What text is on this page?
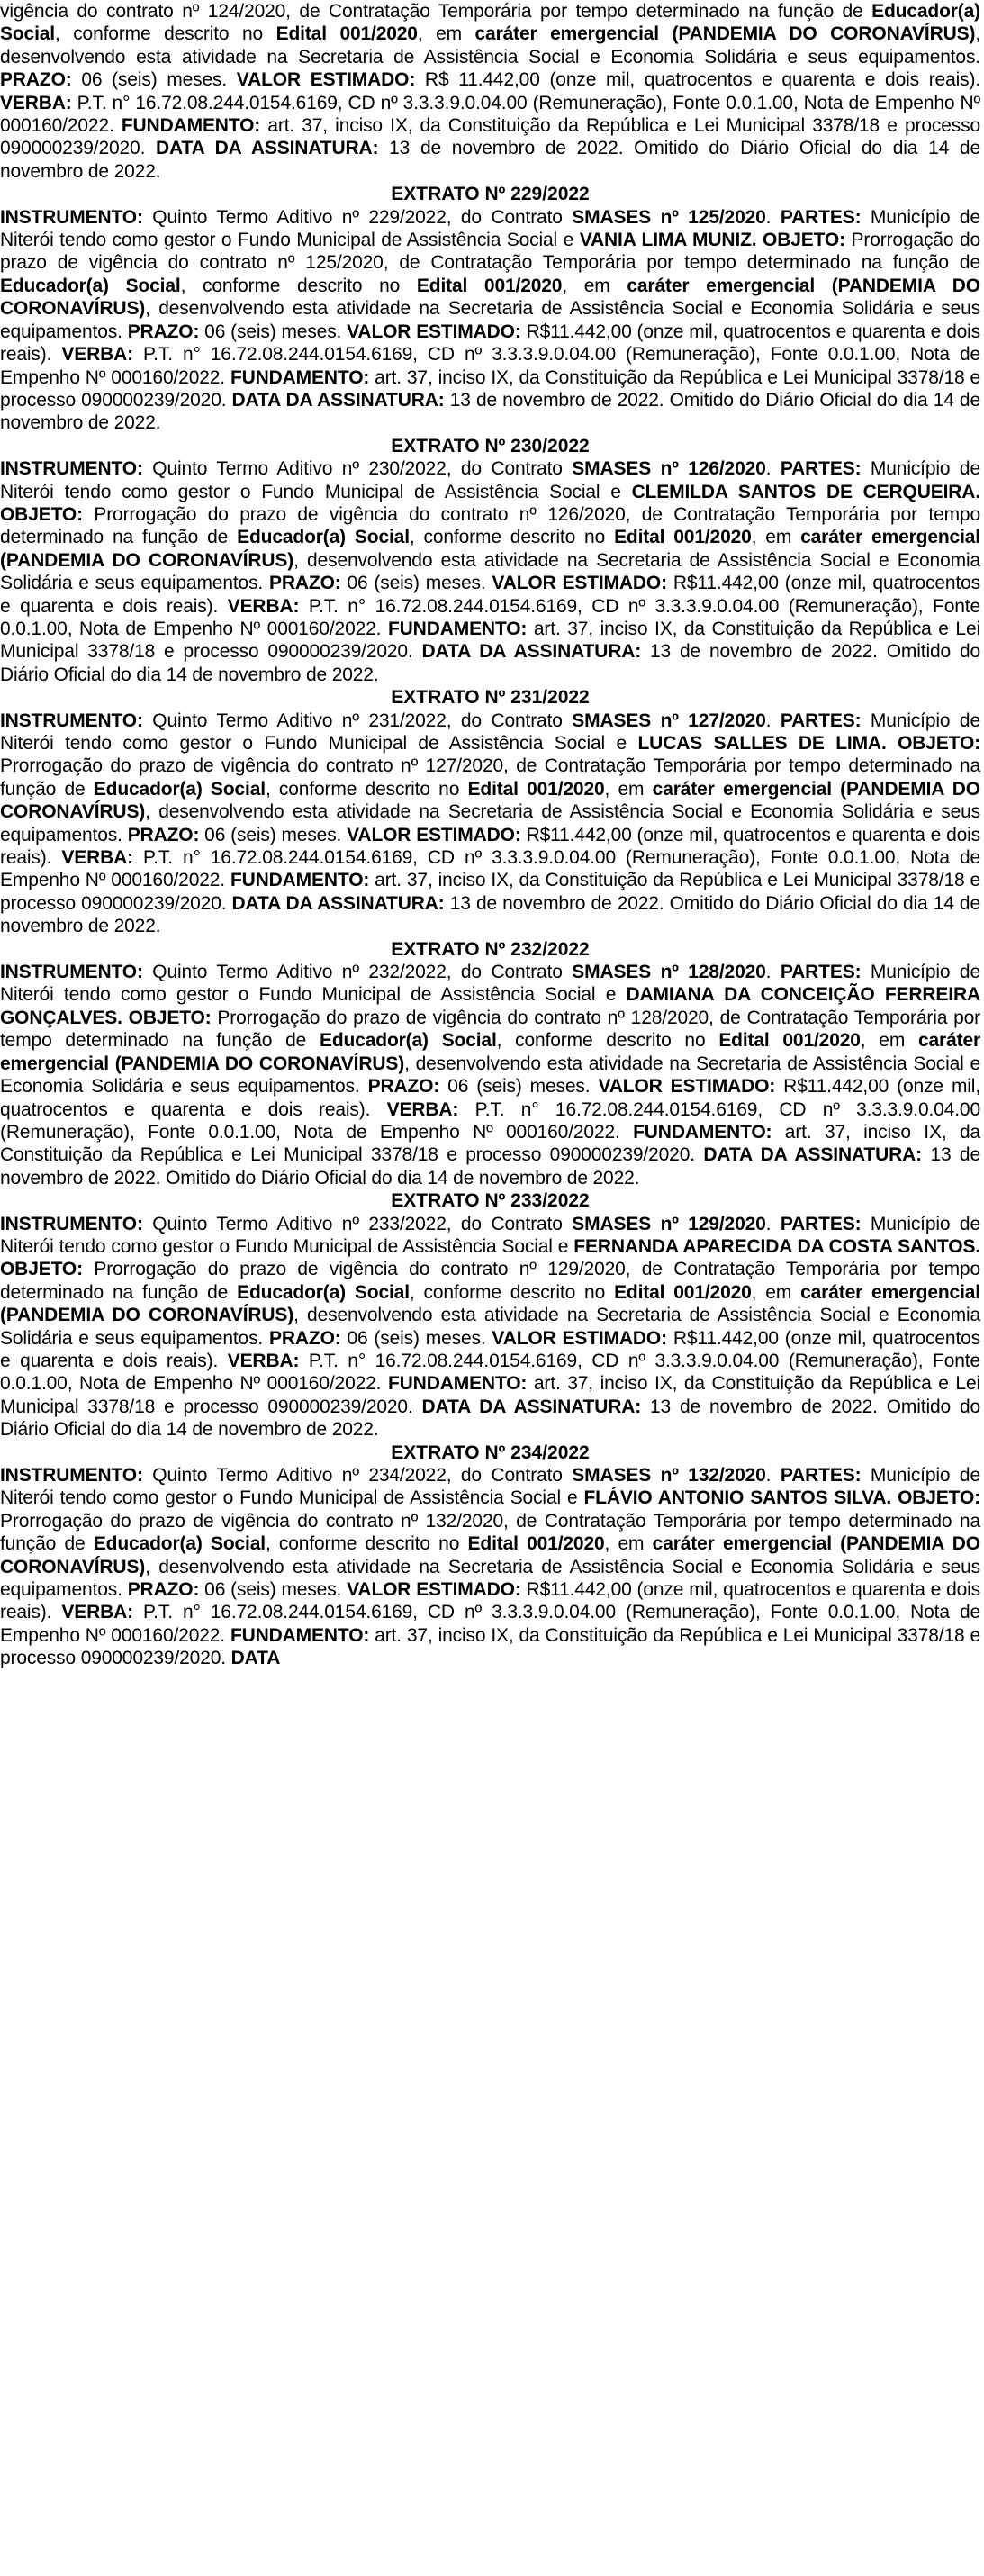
vigência do contrato nº 124/2020, de Contratação Temporária por tempo determinado na função de Educador(a) Social, conforme descrito no Edital 001/2020, em caráter emergencial (PANDEMIA DO CORONAVÍRUS), desenvolvendo esta atividade na Secretaria de Assistência Social e Economia Solidária e seus equipamentos. PRAZO: 06 (seis) meses. VALOR ESTIMADO: R$ 11.442,00 (onze mil, quatrocentos e quarenta e dois reais). VERBA: P.T. n° 16.72.08.244.0154.6169, CD nº 3.3.3.9.0.04.00 (Remuneração), Fonte 0.0.1.00, Nota de Empenho Nº 000160/2022. FUNDAMENTO: art. 37, inciso IX, da Constituição da República e Lei Municipal 3378/18 e processo 090000239/2020. DATA DA ASSINATURA: 13 de novembro de 2022. Omitido do Diário Oficial do dia 14 de novembro de 2022.

EXTRATO Nº 229/2022

INSTRUMENTO: Quinto Termo Aditivo nº 229/2022, do Contrato SMASES nº 125/2020. PARTES: Município de Niterói tendo como gestor o Fundo Municipal de Assistência Social e VANIA LIMA MUNIZ. OBJETO: Prorrogação do prazo de vigência do contrato nº 125/2020, de Contratação Temporária por tempo determinado na função de Educador(a) Social, conforme descrito no Edital 001/2020, em caráter emergencial (PANDEMIA DO CORONAVÍRUS), desenvolvendo esta atividade na Secretaria de Assistência Social e Economia Solidária e seus equipamentos. PRAZO: 06 (seis) meses. VALOR ESTIMADO: R$11.442,00 (onze mil, quatrocentos e quarenta e dois reais). VERBA: P.T. n° 16.72.08.244.0154.6169, CD nº 3.3.3.9.0.04.00 (Remuneração), Fonte 0.0.1.00, Nota de Empenho Nº 000160/2022. FUNDAMENTO: art. 37, inciso IX, da Constituição da República e Lei Municipal 3378/18 e processo 090000239/2020. DATA DA ASSINATURA: 13 de novembro de 2022. Omitido do Diário Oficial do dia 14 de novembro de 2022.

EXTRATO Nº 230/2022

INSTRUMENTO: Quinto Termo Aditivo nº 230/2022, do Contrato SMASES nº 126/2020. PARTES: Município de Niterói tendo como gestor o Fundo Municipal de Assistência Social e CLEMILDA SANTOS DE CERQUEIRA. OBJETO: Prorrogação do prazo de vigência do contrato nº 126/2020, de Contratação Temporária por tempo determinado na função de Educador(a) Social, conforme descrito no Edital 001/2020, em caráter emergencial (PANDEMIA DO CORONAVÍRUS), desenvolvendo esta atividade na Secretaria de Assistência Social e Economia Solidária e seus equipamentos. PRAZO: 06 (seis) meses. VALOR ESTIMADO: R$11.442,00 (onze mil, quatrocentos e quarenta e dois reais). VERBA: P.T. n° 16.72.08.244.0154.6169, CD nº 3.3.3.9.0.04.00 (Remuneração), Fonte 0.0.1.00, Nota de Empenho Nº 000160/2022. FUNDAMENTO: art. 37, inciso IX, da Constituição da República e Lei Municipal 3378/18 e processo 090000239/2020. DATA DA ASSINATURA: 13 de novembro de 2022. Omitido do Diário Oficial do dia 14 de novembro de 2022.

EXTRATO Nº 231/2022

INSTRUMENTO: Quinto Termo Aditivo nº 231/2022, do Contrato SMASES nº 127/2020. PARTES: Município de Niterói tendo como gestor o Fundo Municipal de Assistência Social e LUCAS SALLES DE LIMA. OBJETO: Prorrogação do prazo de vigência do contrato nº 127/2020, de Contratação Temporária por tempo determinado na função de Educador(a) Social, conforme descrito no Edital 001/2020, em caráter emergencial (PANDEMIA DO CORONAVÍRUS), desenvolvendo esta atividade na Secretaria de Assistência Social e Economia Solidária e seus equipamentos. PRAZO: 06 (seis) meses. VALOR ESTIMADO: R$11.442,00 (onze mil, quatrocentos e quarenta e dois reais). VERBA: P.T. n° 16.72.08.244.0154.6169, CD nº 3.3.3.9.0.04.00 (Remuneração), Fonte 0.0.1.00, Nota de Empenho Nº 000160/2022. FUNDAMENTO: art. 37, inciso IX, da Constituição da República e Lei Municipal 3378/18 e processo 090000239/2020. DATA DA ASSINATURA: 13 de novembro de 2022. Omitido do Diário Oficial do dia 14 de novembro de 2022.

EXTRATO Nº 232/2022

INSTRUMENTO: Quinto Termo Aditivo nº 232/2022, do Contrato SMASES nº 128/2020. PARTES: Município de Niterói tendo como gestor o Fundo Municipal de Assistência Social e DAMIANA DA CONCEIÇÃO FERREIRA GONÇALVES. OBJETO: Prorrogação do prazo de vigência do contrato nº 128/2020, de Contratação Temporária por tempo determinado na função de Educador(a) Social, conforme descrito no Edital 001/2020, em caráter emergencial (PANDEMIA DO CORONAVÍRUS), desenvolvendo esta atividade na Secretaria de Assistência Social e Economia Solidária e seus equipamentos. PRAZO: 06 (seis) meses. VALOR ESTIMADO: R$11.442,00 (onze mil, quatrocentos e quarenta e dois reais). VERBA: P.T. n° 16.72.08.244.0154.6169, CD nº 3.3.3.9.0.04.00 (Remuneração), Fonte 0.0.1.00, Nota de Empenho Nº 000160/2022. FUNDAMENTO: art. 37, inciso IX, da Constituição da República e Lei Municipal 3378/18 e processo 090000239/2020. DATA DA ASSINATURA: 13 de novembro de 2022. Omitido do Diário Oficial do dia 14 de novembro de 2022.

EXTRATO Nº 233/2022

INSTRUMENTO: Quinto Termo Aditivo nº 233/2022, do Contrato SMASES nº 129/2020. PARTES: Município de Niterói tendo como gestor o Fundo Municipal de Assistência Social e FERNANDA APARECIDA DA COSTA SANTOS. OBJETO: Prorrogação do prazo de vigência do contrato nº 129/2020, de Contratação Temporária por tempo determinado na função de Educador(a) Social, conforme descrito no Edital 001/2020, em caráter emergencial (PANDEMIA DO CORONAVÍRUS), desenvolvendo esta atividade na Secretaria de Assistência Social e Economia Solidária e seus equipamentos. PRAZO: 06 (seis) meses. VALOR ESTIMADO: R$11.442,00 (onze mil, quatrocentos e quarenta e dois reais). VERBA: P.T. n° 16.72.08.244.0154.6169, CD nº 3.3.3.9.0.04.00 (Remuneração), Fonte 0.0.1.00, Nota de Empenho Nº 000160/2022. FUNDAMENTO: art. 37, inciso IX, da Constituição da República e Lei Municipal 3378/18 e processo 090000239/2020. DATA DA ASSINATURA: 13 de novembro de 2022. Omitido do Diário Oficial do dia 14 de novembro de 2022.

EXTRATO Nº 234/2022

INSTRUMENTO: Quinto Termo Aditivo nº 234/2022, do Contrato SMASES nº 132/2020. PARTES: Município de Niterói tendo como gestor o Fundo Municipal de Assistência Social e FLÁVIO ANTONIO SANTOS SILVA. OBJETO: Prorrogação do prazo de vigência do contrato nº 132/2020, de Contratação Temporária por tempo determinado na função de Educador(a) Social, conforme descrito no Edital 001/2020, em caráter emergencial (PANDEMIA DO CORONAVÍRUS), desenvolvendo esta atividade na Secretaria de Assistência Social e Economia Solidária e seus equipamentos. PRAZO: 06 (seis) meses. VALOR ESTIMADO: R$11.442,00 (onze mil, quatrocentos e quarenta e dois reais). VERBA: P.T. n° 16.72.08.244.0154.6169, CD nº 3.3.3.9.0.04.00 (Remuneração), Fonte 0.0.1.00, Nota de Empenho Nº 000160/2022. FUNDAMENTO: art. 37, inciso IX, da Constituição da República e Lei Municipal 3378/18 e processo 090000239/2020. DATA
